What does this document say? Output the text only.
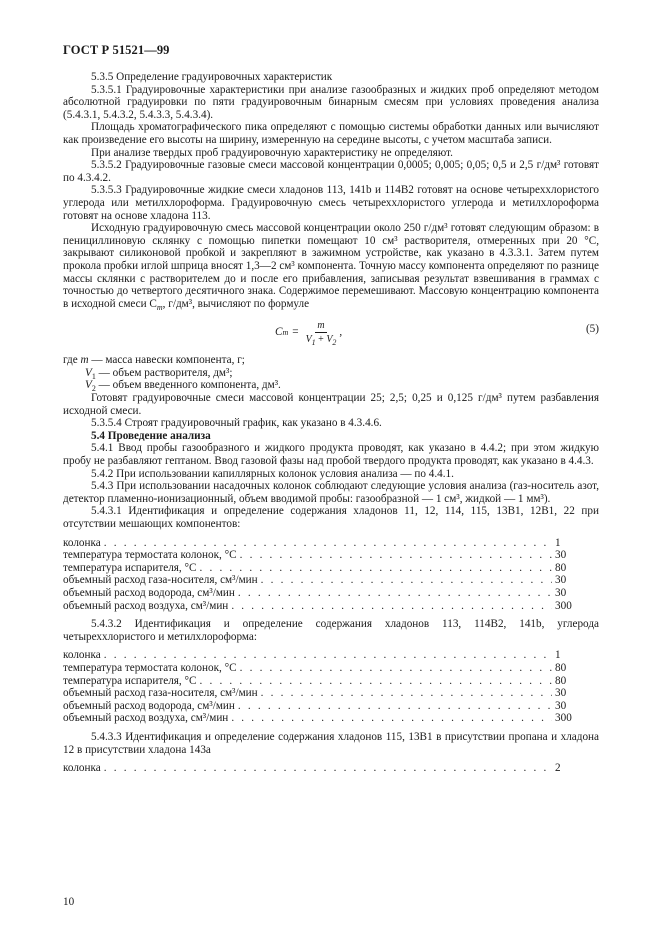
ГОСТ Р 51521—99

5.3.5 Определение градуировочных характеристик

5.3.5.1 Градуировочные характеристики при анализе газообразных и жидких проб определяют методом абсолютной градуировки по пяти градуировочным бинарным смесям при условиях проведения анализа (5.4.3.1, 5.4.3.2, 5.4.3.3, 5.4.3.4).

Площадь хроматографического пика определяют с помощью системы обработки данных или вычисляют как произведение его высоты на ширину, измеренную на середине высоты, с учетом масштаба записи.

При анализе твердых проб градуировочную характеристику не определяют.

5.3.5.2 Градуировочные газовые смеси массовой концентрации 0,0005; 0,005; 0,05; 0,5 и 2,5 г/дм³ готовят по 4.3.4.2.

5.3.5.3 Градуировочные жидкие смеси хладонов 113, 141b и 114B2 готовят на основе четыреххлористого углерода или метилхлороформа. Градуировочную смесь четыреххлористого углерода и метилхлороформа готовят на основе хладона 113.

Исходную градуировочную смесь массовой концентрации около 250 г/дм³ готовят следующим образом: в пенициллиновую склянку с помощью пипетки помещают 10 см³ растворителя, отмеренных при 20 °С, закрывают силиконовой пробкой и закрепляют в зажимном устройстве, как указано в 4.3.3.1. Затем путем прокола пробки иглой шприца вносят 1,3—2 см³ компонента. Точную массу компонента определяют по разнице массы склянки с растворителем до и после его прибавления, записывая результат взвешивания в граммах с точностью до четвертого десятичного знака. Содержимое перемешивают. Массовую концентрацию компонента в исходной смеси $C_m$, г/дм³, вычисляют по формуле

C $m = \frac{m}{V_1 + V_2}$ ,	(5)

где m — масса навески компонента, г;

$V_1$ — объем растворителя, дм³;

$V_2$ — объем введенного компонента, дм³.

Готовят градуировочные смеси массовой концентрации 25; 2,5; 0,25 и 0,125 г/дм³ путем разбавления исходной смеси.

5.3.5.4 Строят градуировочный график, как указано в 4.3.4.6.

5.4 Проведение анализа

5.4.1 Ввод пробы газообразного и жидкого продукта проводят, как указано в 4.4.2; при этом жидкую пробу не разбавляют гептаном. Ввод газовой фазы над пробой твердого продукта проводят, как указано в 4.4.3.

5.4.2 При использовании капиллярных колонок условия анализа — по 4.4.1.

5.4.3 При использовании насадочных колонок соблюдают следующие условия анализа (газ-носитель азот, детектор пламенно-ионизационный, объем вводимой пробы: газообразной — 1 см³, жидкой — 1 мм³).

5.4.3.1 Идентификация и определение содержания хладонов 11, 12, 114, 115, 13B1, 12B1, 22 при отсутствии мешающих компонентов:

колонка . . .	1
температура термостата колонок, °С . . .	30
температура испарителя, °С . . .	80
объемный расход газа-носителя, см³/мин . . .	30
объемный расход водорода, см³/мин . . .	30
объемный расход воздуха, см³/мин . . .	300

5.4.3.2 Идентификация и определение содержания хладонов 113, 114B2, 141b, углерода четыреххлористого и метилхлороформа:

колонка . . .	1
температура термостата колонок, °С . . .	80
температура испарителя, °С . . .	80
объемный расход газа-носителя, см³/мин . . .	30
объемный расход водорода, см³/мин . . .	30
объемный расход воздуха, см³/мин . . .	300

5.4.3.3 Идентификация и определение содержания хладонов 115, 13B1 в присутствии пропана и хладона 12 в присутствии хладона 143а

колонка . . .	2
10
